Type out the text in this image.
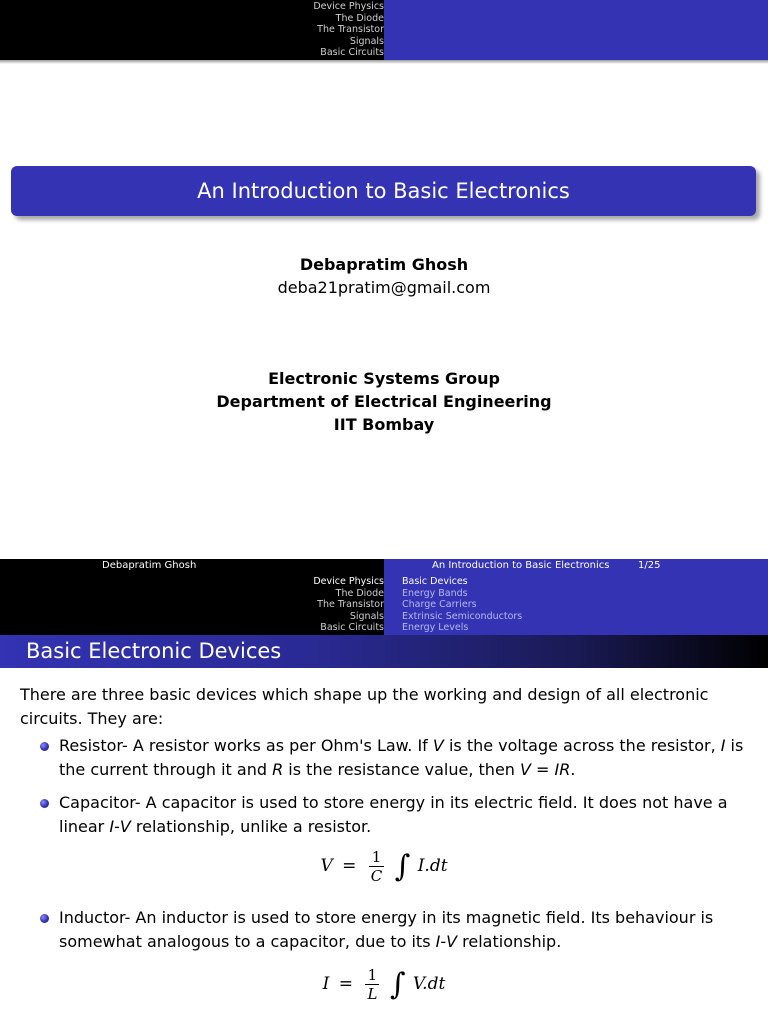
Device Physics
The Diode
The Transistor
Signals
Basic Circuits
An Introduction to Basic Electronics
Debapratim Ghosh
deba21pratim@gmail.com
Electronic Systems Group
Department of Electrical Engineering
IIT Bombay
Debapratim Ghosh	An Introduction to Basic Electronics	1/25
Device Physics
The Diode
The Transistor
Signals
Basic Circuits
Basic Devices
Energy Bands
Charge Carriers
Extrinsic Semiconductors
Energy Levels
Basic Electronic Devices
There are three basic devices which shape up the working and design of all electronic circuits. They are:
Resistor- A resistor works as per Ohm's Law. If V is the voltage across the resistor, I is the current through it and R is the resistance value, then V = IR.
Capacitor- A capacitor is used to store energy in its electric field. It does not have a linear I-V relationship, unlike a resistor.
$V = \frac{1}{C}$ ∫ I.dt
Inductor- An inductor is used to store energy in its magnetic field. Its behaviour is somewhat analogous to a capacitor, due to its I-V relationship.
$I = \frac{1}{L}$ ∫ V.dt
